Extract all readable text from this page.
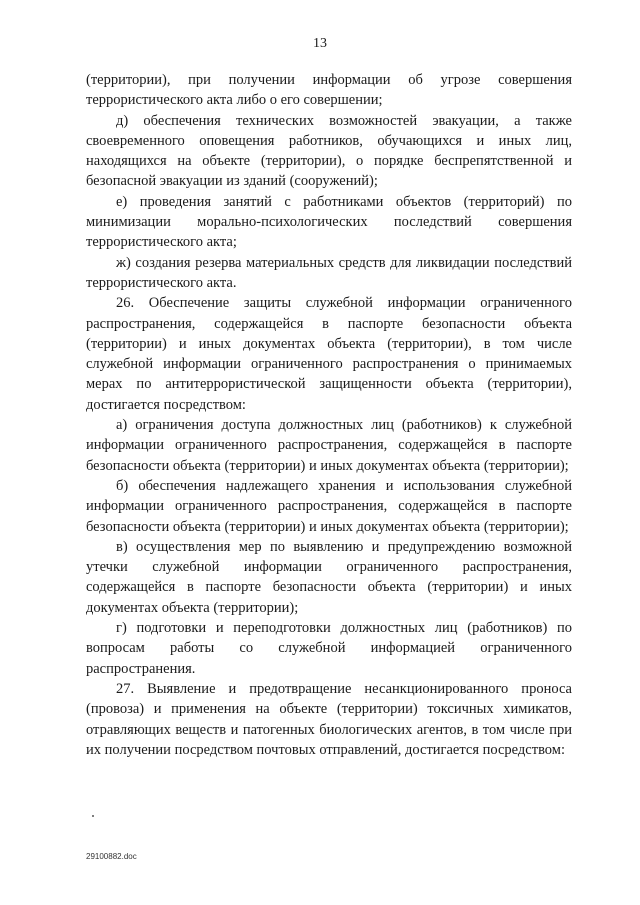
13

(территории), при получении информации об угрозе совершения террористического акта либо о его совершении;

д) обеспечения технических возможностей эвакуации, а также своевременного оповещения работников, обучающихся и иных лиц, находящихся на объекте (территории), о порядке беспрепятственной и безопасной эвакуации из зданий (сооружений);

е) проведения занятий с работниками объектов (территорий) по минимизации морально-психологических последствий совершения террористического акта;

ж) создания резерва материальных средств для ликвидации последствий террористического акта.

26. Обеспечение защиты служебной информации ограниченного распространения, содержащейся в паспорте безопасности объекта (территории) и иных документах объекта (территории), в том числе служебной информации ограниченного распространения о принимаемых мерах по антитеррористической защищенности объекта (территории), достигается посредством:

а) ограничения доступа должностных лиц (работников) к служебной информации ограниченного распространения, содержащейся в паспорте безопасности объекта (территории) и иных документах объекта (территории);

б) обеспечения надлежащего хранения и использования служебной информации ограниченного распространения, содержащейся в паспорте безопасности объекта (территории) и иных документах объекта (территории);

в) осуществления мер по выявлению и предупреждению возможной утечки служебной информации ограниченного распространения, содержащейся в паспорте безопасности объекта (территории) и иных документах объекта (территории);

г) подготовки и переподготовки должностных лиц (работников) по вопросам работы со служебной информацией ограниченного распространения.

27. Выявление и предотвращение несанкционированного проноса (провоза) и применения на объекте (территории) токсичных химикатов, отравляющих веществ и патогенных биологических агентов, в том числе при их получении посредством почтовых отправлений, достигается посредством:

29100882.doc
